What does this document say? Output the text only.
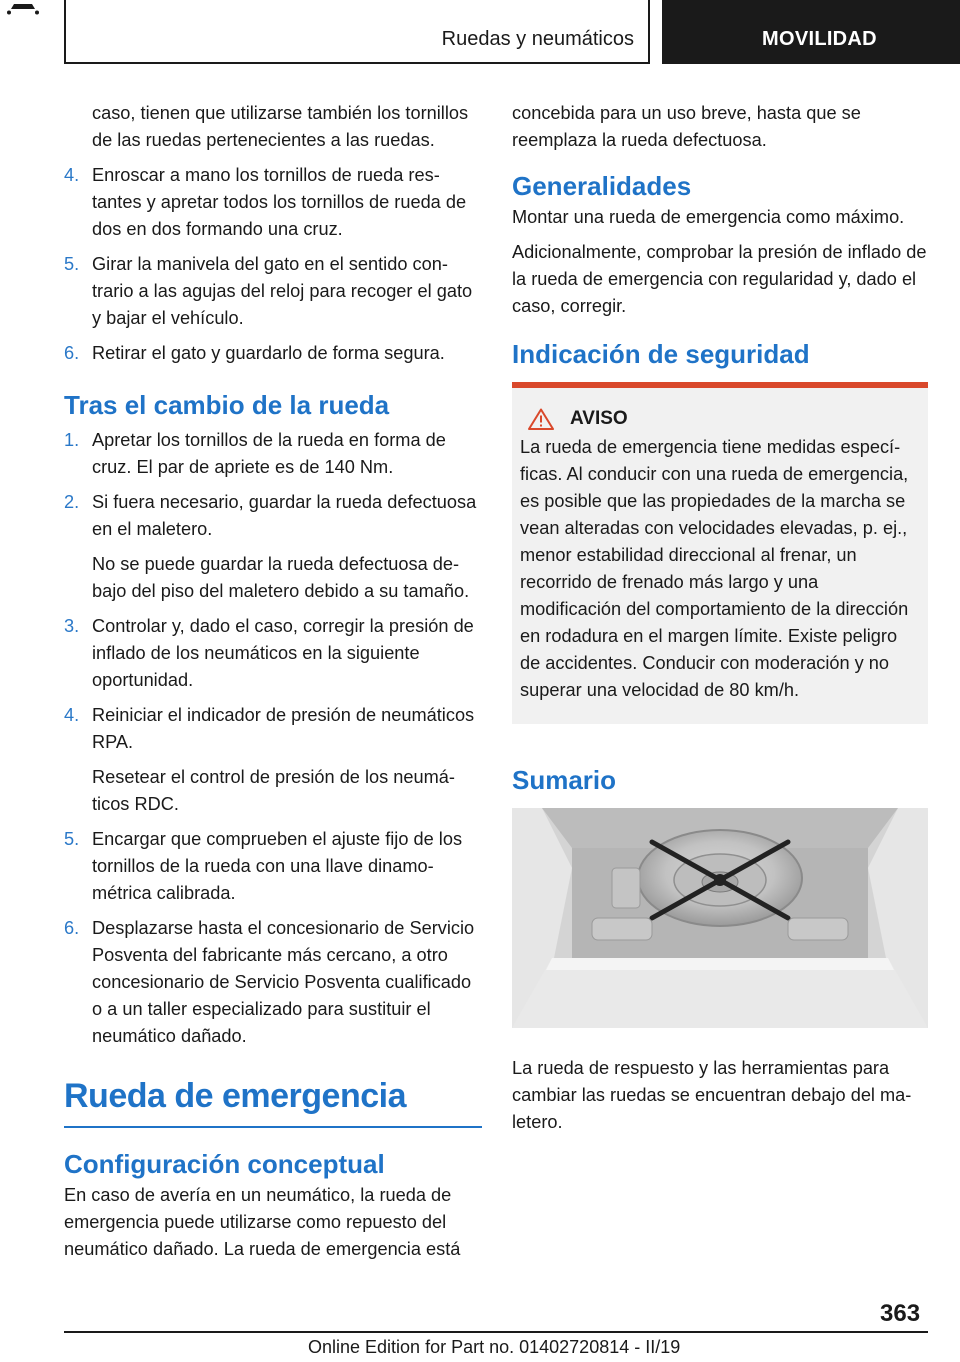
Ruedas y neumáticos	MOVILIDAD

caso, tienen que utilizarse también los tornillos de las ruedas pertenecientes a las ruedas.

4. Enroscar a mano los tornillos de rueda restantes y apretar todos los tornillos de rueda de dos en dos formando una cruz.
5. Girar la manivela del gato en el sentido contrario a las agujas del reloj para recoger el gato y bajar el vehículo.
6. Retirar el gato y guardarlo de forma segura.
Tras el cambio de la rueda
1. Apretar los tornillos de la rueda en forma de cruz. El par de apriete es de 140 Nm.
2. Si fuera necesario, guardar la rueda defectuosa en el maletero.
No se puede guardar la rueda defectuosa debajo del piso del maletero debido a su tamaño.
3. Controlar y, dado el caso, corregir la presión de inflado de los neumáticos en la siguiente oportunidad.
4. Reiniciar el indicador de presión de neumáticos RPA.
Resetear el control de presión de los neumáticos RDC.
5. Encargar que comprueben el ajuste fijo de los tornillos de la rueda con una llave dinamométrica calibrada.
6. Desplazarse hasta el concesionario de Servicio Posventa del fabricante más cercano, a otro concesionario de Servicio Posventa cualificado o a un taller especializado para sustituir el neumático dañado.
Rueda de emergencia
Configuración conceptual

En caso de avería en un neumático, la rueda de emergencia puede utilizarse como repuesto del neumático dañado. La rueda de emergencia está

concebida para un uso breve, hasta que se reemplaza la rueda defectuosa.

Generalidades

Montar una rueda de emergencia como máximo.

Adicionalmente, comprobar la presión de inflado de la rueda de emergencia con regularidad y, dado el caso, corregir.

Indicación de seguridad
AVISO

La rueda de emergencia tiene medidas específicas. Al conducir con una rueda de emergencia, es posible que las propiedades de la marcha se vean alteradas con velocidades elevadas, p. ej., menor estabilidad direccional al frenar, un recorrido de frenado más largo y una modificación del comportamiento de la dirección en rodadura en el margen límite. Existe peligro de accidentes. Conducir con moderación y no superar una velocidad de 80 km/h.

Sumario

La rueda de respuesto y las herramientas para cambiar las ruedas se encuentran debajo del maletero.

363
Online Edition for Part no. 01402720814 - II/19
